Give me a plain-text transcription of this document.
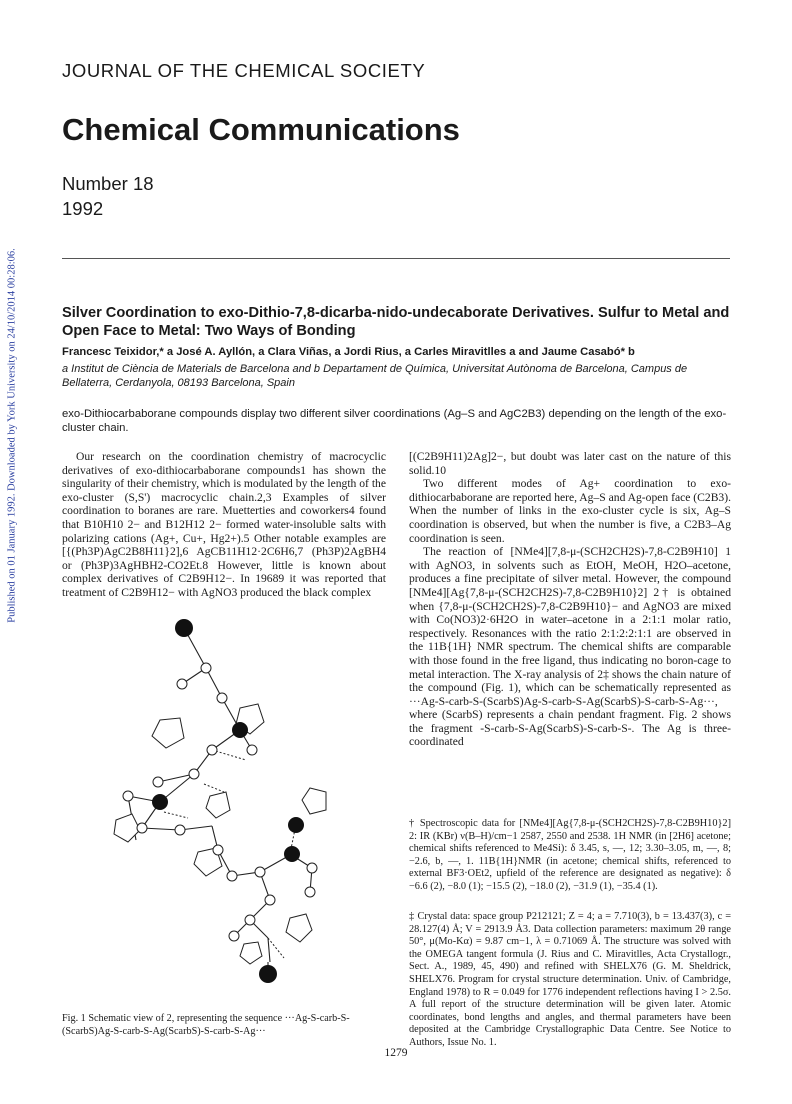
Published on 01 January 1992. Downloaded by York University on 24/10/2014 00:28:06.
JOURNAL OF THE CHEMICAL SOCIETY
Chemical Communications
Number 18
1992
Silver Coordination to exo-Dithio-7,8-dicarba-nido-undecaborate Derivatives. Sulfur to Metal and Open Face to Metal: Two Ways of Bonding
Francesc Teixidor,* a José A. Ayllón, a Clara Viñas, a Jordi Rius, a Carles Miravitlles a and Jaume Casabó* b
a Institut de Ciència de Materials de Barcelona and b Departament de Química, Universitat Autònoma de Barcelona, Campus de Bellaterra, Cerdanyola, 08193 Barcelona, Spain
exo-Dithiocarbaborane compounds display two different silver coordinations (Ag–S and AgC2B3) depending on the length of the exo-cluster chain.

Our research on the coordination chemistry of macrocyclic derivatives of exo-dithiocarbaborane compounds1 has shown the singularity of their chemistry, which is modulated by the length of the exo-cluster (S,S') macrocyclic chain.2,3 Examples of silver coordination to boranes are rare. Muetterties and coworkers4 found that B10H10 2− and B12H12 2− formed water-insoluble salts with polarizing cations (Ag+, Cu+, Hg2+).5 Other notable examples are [{(Ph3P)AgC2B8H11}2],6 AgCB11H12·2C6H6,7 (Ph3P)2AgBH4 or (Ph3P)3AgHBH2-CO2Et.8 However, little is known about complex derivatives of C2B9H12−. In 19689 it was reported that treatment of C2B9H12− with AgNO3 produced the black complex

[(C2B9H11)2Ag]2−, but doubt was later cast on the nature of this solid.10

Two different modes of Ag+ coordination to exo-dithiocarbaborane are reported here, Ag–S and Ag-open face (C2B3). When the number of links in the exo-cluster cycle is six, Ag–S coordination is observed, but when the number is five, a C2B3–Ag coordination is seen.

The reaction of [NMe4][7,8-μ-(SCH2CH2S)-7,8-C2B9H10] 1 with AgNO3, in solvents such as EtOH, MeOH, H2O–acetone, produces a fine precipitate of silver metal. However, the compound [NMe4][Ag{7,8-μ-(SCH2CH2S)-7,8-C2B9H10}2] 2† is obtained when {7,8-μ-(SCH2CH2S)-7,8-C2B9H10}− and AgNO3 are mixed with Co(NO3)2·6H2O in water–acetone in a 2:1:1 molar ratio, respectively. Resonances with the ratio 2:1:2:2:1:1 are observed in the 11B{1H} NMR spectrum. The chemical shifts are comparable with those found in the free ligand, thus indicating no boron-cage to metal interaction. The X-ray analysis of 2‡ shows the chain nature of the compound (Fig. 1), which can be schematically represented as ···Ag-S-carb-S-(ScarbS)Ag-S-carb-S-Ag(ScarbS)-S-carb-S-Ag···, where (ScarbS) represents a chain pendant fragment. Fig. 2 shows the fragment -S-carb-S-Ag(ScarbS)-S-carb-S-. The Ag is three-coordinated

† Spectroscopic data for [NMe4][Ag{7,8-μ-(SCH2CH2S)-7,8-C2B9H10}2] 2: IR (KBr) ν(B–H)/cm−1 2587, 2550 and 2538. 1H NMR (in [2H6] acetone; chemical shifts referenced to Me4Si): δ 3.45, s, —, 12; 3.30–3.05, m, —, 8; −2.6, b, —, 1. 11B{1H}NMR (in acetone; chemical shifts, referenced to external BF3·OEt2, upfield of the reference are designated as negative): δ −6.6 (2), −8.0 (1); −15.5 (2), −18.0 (2), −31.9 (1), −35.4 (1).
‡ Crystal data: space group P212121; Z = 4; a = 7.710(3), b = 13.437(3), c = 28.127(4) Å; V = 2913.9 Å3. Data collection parameters: maximum 2θ range 50°, μ(Mo-Kα) = 9.87 cm−1, λ = 0.71069 Å. The structure was solved with the OMEGA tangent formula (J. Rius and C. Miravitlles, Acta Crystallogr., Sect. A., 1989, 45, 490) and refined with SHELX76 (G. M. Sheldrick, SHELX76. Program for crystal structure determination. Univ. of Cambridge, England 1978) to R = 0.049 for 1776 independent reflections having I > 2.5σ. A full report of the structure determination will be given later. Atomic coordinates, bond lengths and angles, and thermal parameters have been deposited at the Cambridge Crystallographic Data Centre. See Notice to Authors, Issue No. 1.
Fig. 1 Schematic view of 2, representing the sequence ···Ag-S-carb-S-(ScarbS)Ag-S-carb-S-Ag(ScarbS)-S-carb-S-Ag···
1279
